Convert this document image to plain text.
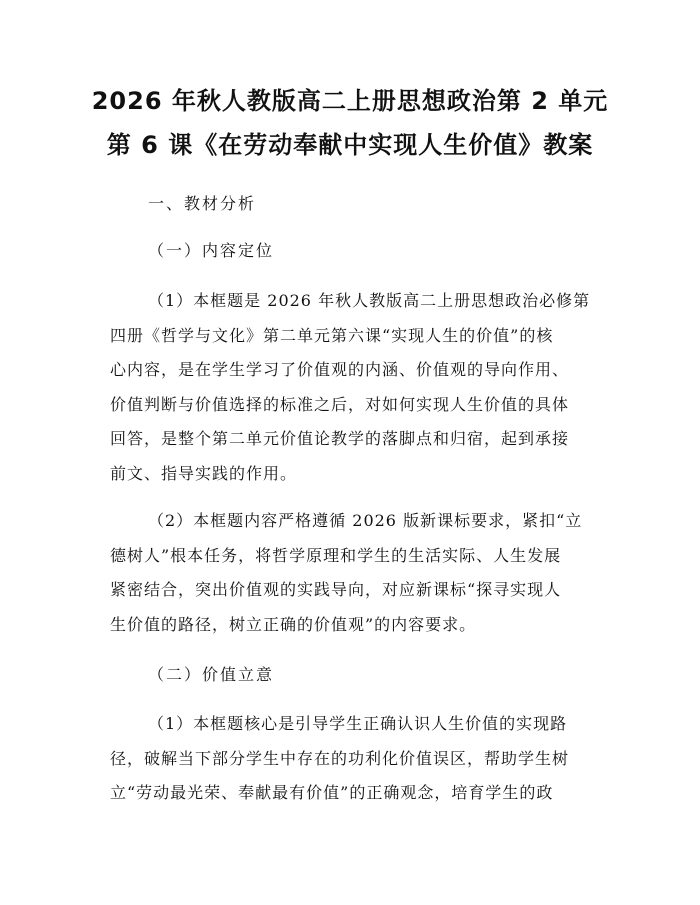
2026 年秋人教版高二上册思想政治第 2 单元
第 6 课《在劳动奉献中实现人生价值》教案
一、教材分析
（一）内容定位
（1）本框题是 2026 年秋人教版高二上册思想政治必修第
四册《哲学与文化》第二单元第六课“实现人生的价值”的核
心内容，是在学生学习了价值观的内涵、价值观的导向作用、
价值判断与价值选择的标准之后，对如何实现人生价值的具体
回答，是整个第二单元价值论教学的落脚点和归宿，起到承接
前文、指导实践的作用。
（2）本框题内容严格遵循 2026 版新课标要求，紧扣“立
德树人”根本任务，将哲学原理和学生的生活实际、人生发展
紧密结合，突出价值观的实践导向，对应新课标“探寻实现人
生价值的路径，树立正确的价值观”的内容要求。
（二）价值立意
（1）本框题核心是引导学生正确认识人生价值的实现路
径，破解当下部分学生中存在的功利化价值误区，帮助学生树
立“劳动最光荣、奉献最有价值”的正确观念，培育学生的政
